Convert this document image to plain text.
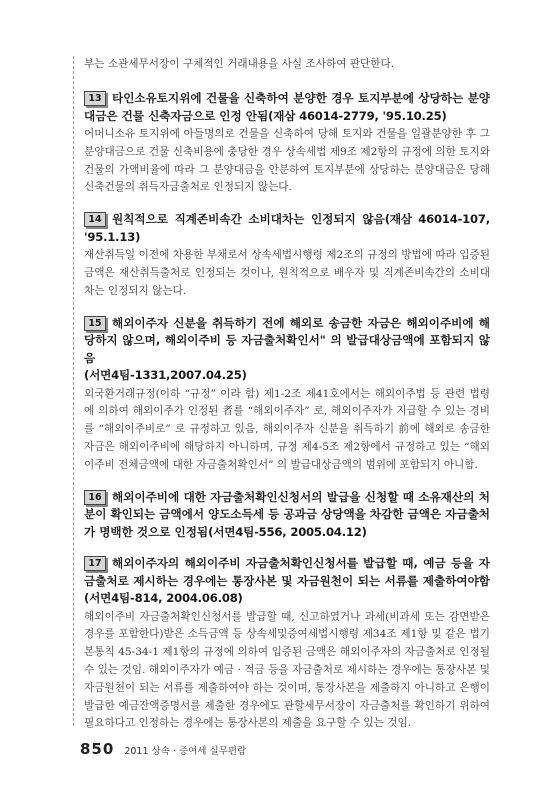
부는 소관세무서장이 구체적인 거래내용을 사실 조사하여 판단한다.

13 타인소유토지위에 건물을 신축하여 분양한 경우 토지부분에 상당하는 분양대금은 건물 신축자금으로 인정 안됨(재삼 46014-2779, '95.10.25)

어머니소유 토지위에 아들명의로 건물을 신축하여 당해 토지와 건물을 일괄분양한 후 그 분양대금으로 건물 신축비용에 충당한 경우 상속세법 제9조 제2항의 규정에 의한 토지와 건물의 가액비율에 따라 그 분양대금을 안분하여 토지부분에 상당하는 분양대금은 당해 신축건물의 취득자금출처로 인정되지 않는다.

14 원칙적으로 직계존비속간 소비대차는 인정되지 않음(재삼 46014-107, '95.1.13)

재산취득일 이전에 차용한 부채로서 상속세법시행령 제2조의 규정의 방법에 따라 입증된 금액은 재산취득출처로 인정되는 것이나, 원칙적으로 배우자 및 직계존비속간의 소비대차는 인정되지 않는다.

15 해외이주자 신분을 취득하기 전에 해외로 송금한 자금은 해외이주비에 해당하지 않으며, 해외이주비 등 자금출처확인서" 의 발급대상금액에 포함되지 않음
(서면4팀-1331,2007.04.25)

외국환거래규정(이하 “규정” 이라 함) 제1-2조 제41호에서는 해외이주법 등 관련 법령에 의하여 해외이주가 인정된 者를 “해외이주자” 로, 해외이주자가 지급할 수 있는 경비를 “해외이주비로” 로 규정하고 있음, 해외이주자 신분을 취득하기 前에 해외로 송금한 자금은 해외이주비에 해당하지 아니하며, 규정 제4-5조 제2항에서 규정하고 있는 “해외이주비 전체금액에 대한 자금출처확인서” 의 발급대상금액의 범위에 포함되지 아니함.

16 해외이주비에 대한 자금출처확인신청서의 발급을 신청할 때 소유재산의 처분이 확인되는 금액에서 양도소득세 등 공과금 상당액을 차감한 금액은 자금출처가 명백한 것으로 인정됨(서면4팀-556, 2005.04.12)

17 해외이주자의 해외이주비 자금출처확인신청서를 발급할 때, 예금 등을 자금출처로 제시하는 경우에는 통장사본 및 자금원천이 되는 서류를 제출하여야함(서면4팀-814, 2004.06.08)

해외이주비 자금출처확인신청서를 발급할 때, 신고하였거나 과세(비과세 또는 감면받은 경우를 포함한다)받은 소득금액 등 상속세및증여세법시행령 제34조 제1항 및 같은 법기본통칙 45-34-1 제1항의 규정에 의하여 입증된 금액은 해외이주자의 자금출처로 인정될 수 있는 것임. 해외이주자가 예금 · 적금 등을 자금출처로 제시하는 경우에는 통장사본 및 자금원천이 되는 서류를 제출하여야 하는 것이며, 통장사본을 제출하지 아니하고 은행이 발급한 예금잔액증명서를 제출한 경우에도 관할세무서장이 자금출처를 확인하기 위하여 필요하다고 인정하는 경우에는 통장사본의 제출을 요구할 수 있는 것임.

850 2011 상속 · 증여세 실무편람
